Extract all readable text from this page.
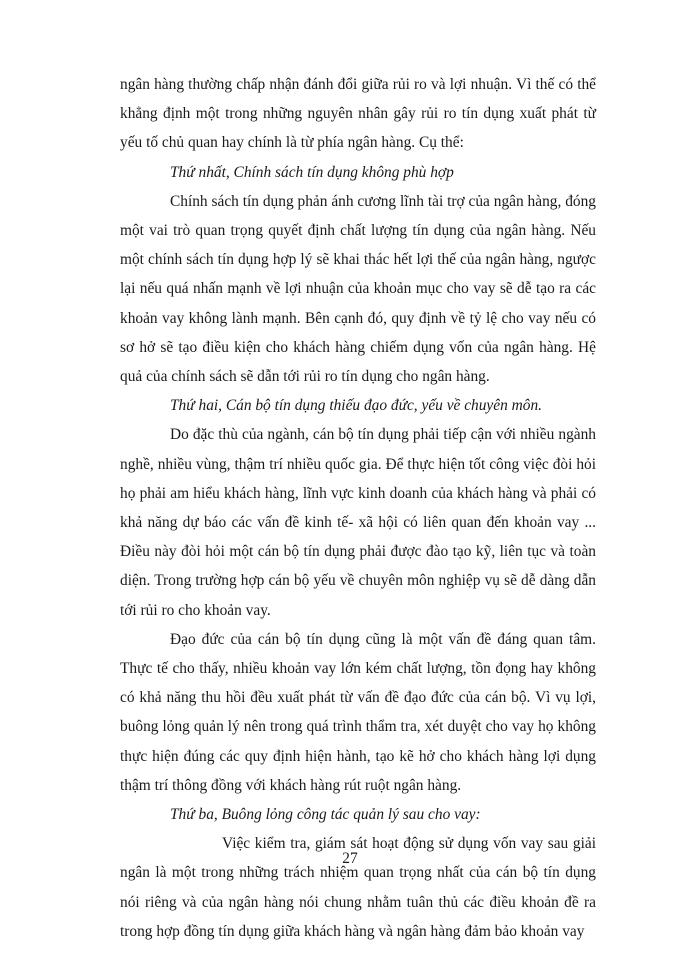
ngân hàng thường chấp nhận đánh đổi giữa rủi ro và lợi nhuận. Vì thế có thể khẳng định một trong những nguyên nhân gây rủi ro tín dụng xuất phát từ yếu tố chủ quan hay chính là từ phía ngân hàng. Cụ thể:

Thứ nhất, Chính sách tín dụng không phù hợp

Chính sách tín dụng phản ánh cương lĩnh tài trợ của ngân hàng, đóng một vai trò quan trọng quyết định chất lượng tín dụng của ngân hàng. Nếu một chính sách tín dụng hợp lý sẽ khai thác hết lợi thế của ngân hàng, ngược lại nếu quá nhấn mạnh về lợi nhuận của khoản mục cho vay sẽ dễ tạo ra các khoản vay không lành mạnh. Bên cạnh đó, quy định về tỷ lệ cho vay nếu có sơ hở sẽ tạo điều kiện cho khách hàng chiếm dụng vốn của ngân hàng. Hệ quả của chính sách sẽ dẫn tới rủi ro tín dụng cho ngân hàng.

Thứ hai, Cán bộ tín dụng thiếu đạo đức, yếu về chuyên môn.

Do đặc thù của ngành, cán bộ tín dụng phải tiếp cận với nhiều ngành nghề, nhiều vùng, thậm trí nhiều quốc gia. Để thực hiện tốt công việc đòi hỏi họ phải am hiểu khách hàng, lĩnh vực kinh doanh của khách hàng và phải có khả năng dự báo các vấn đề kinh tế- xã hội có liên quan đến khoản vay ... Điều này đòi hỏi một cán bộ tín dụng phải được đào tạo kỹ, liên tục và toàn diện. Trong trường hợp cán bộ yếu về chuyên môn nghiệp vụ sẽ dễ dàng dẫn tới rủi ro cho khoản vay.

Đạo đức của cán bộ tín dụng cũng là một vấn đề đáng quan tâm. Thực tế cho thấy, nhiều khoản vay lớn kém chất lượng, tồn đọng hay không có khả năng thu hồi đều xuất phát từ vấn đề đạo đức của cán bộ. Vì vụ lợi, buông lỏng quản lý nên trong quá trình thẩm tra, xét duyệt cho vay họ không thực hiện đúng các quy định hiện hành, tạo kẽ hở cho khách hàng lợi dụng thậm trí thông đồng với khách hàng rút ruột ngân hàng.

Thứ ba, Buông lỏng công tác quản lý sau cho vay:

Việc kiểm tra, giám sát hoạt động sử dụng vốn vay sau giải ngân là một trong những trách nhiệm quan trọng nhất của cán bộ tín dụng nói riêng và của ngân hàng nói chung nhằm tuân thủ các điều khoản đề ra trong hợp đồng tín dụng giữa khách hàng và ngân hàng đảm bảo khoản vay

27
